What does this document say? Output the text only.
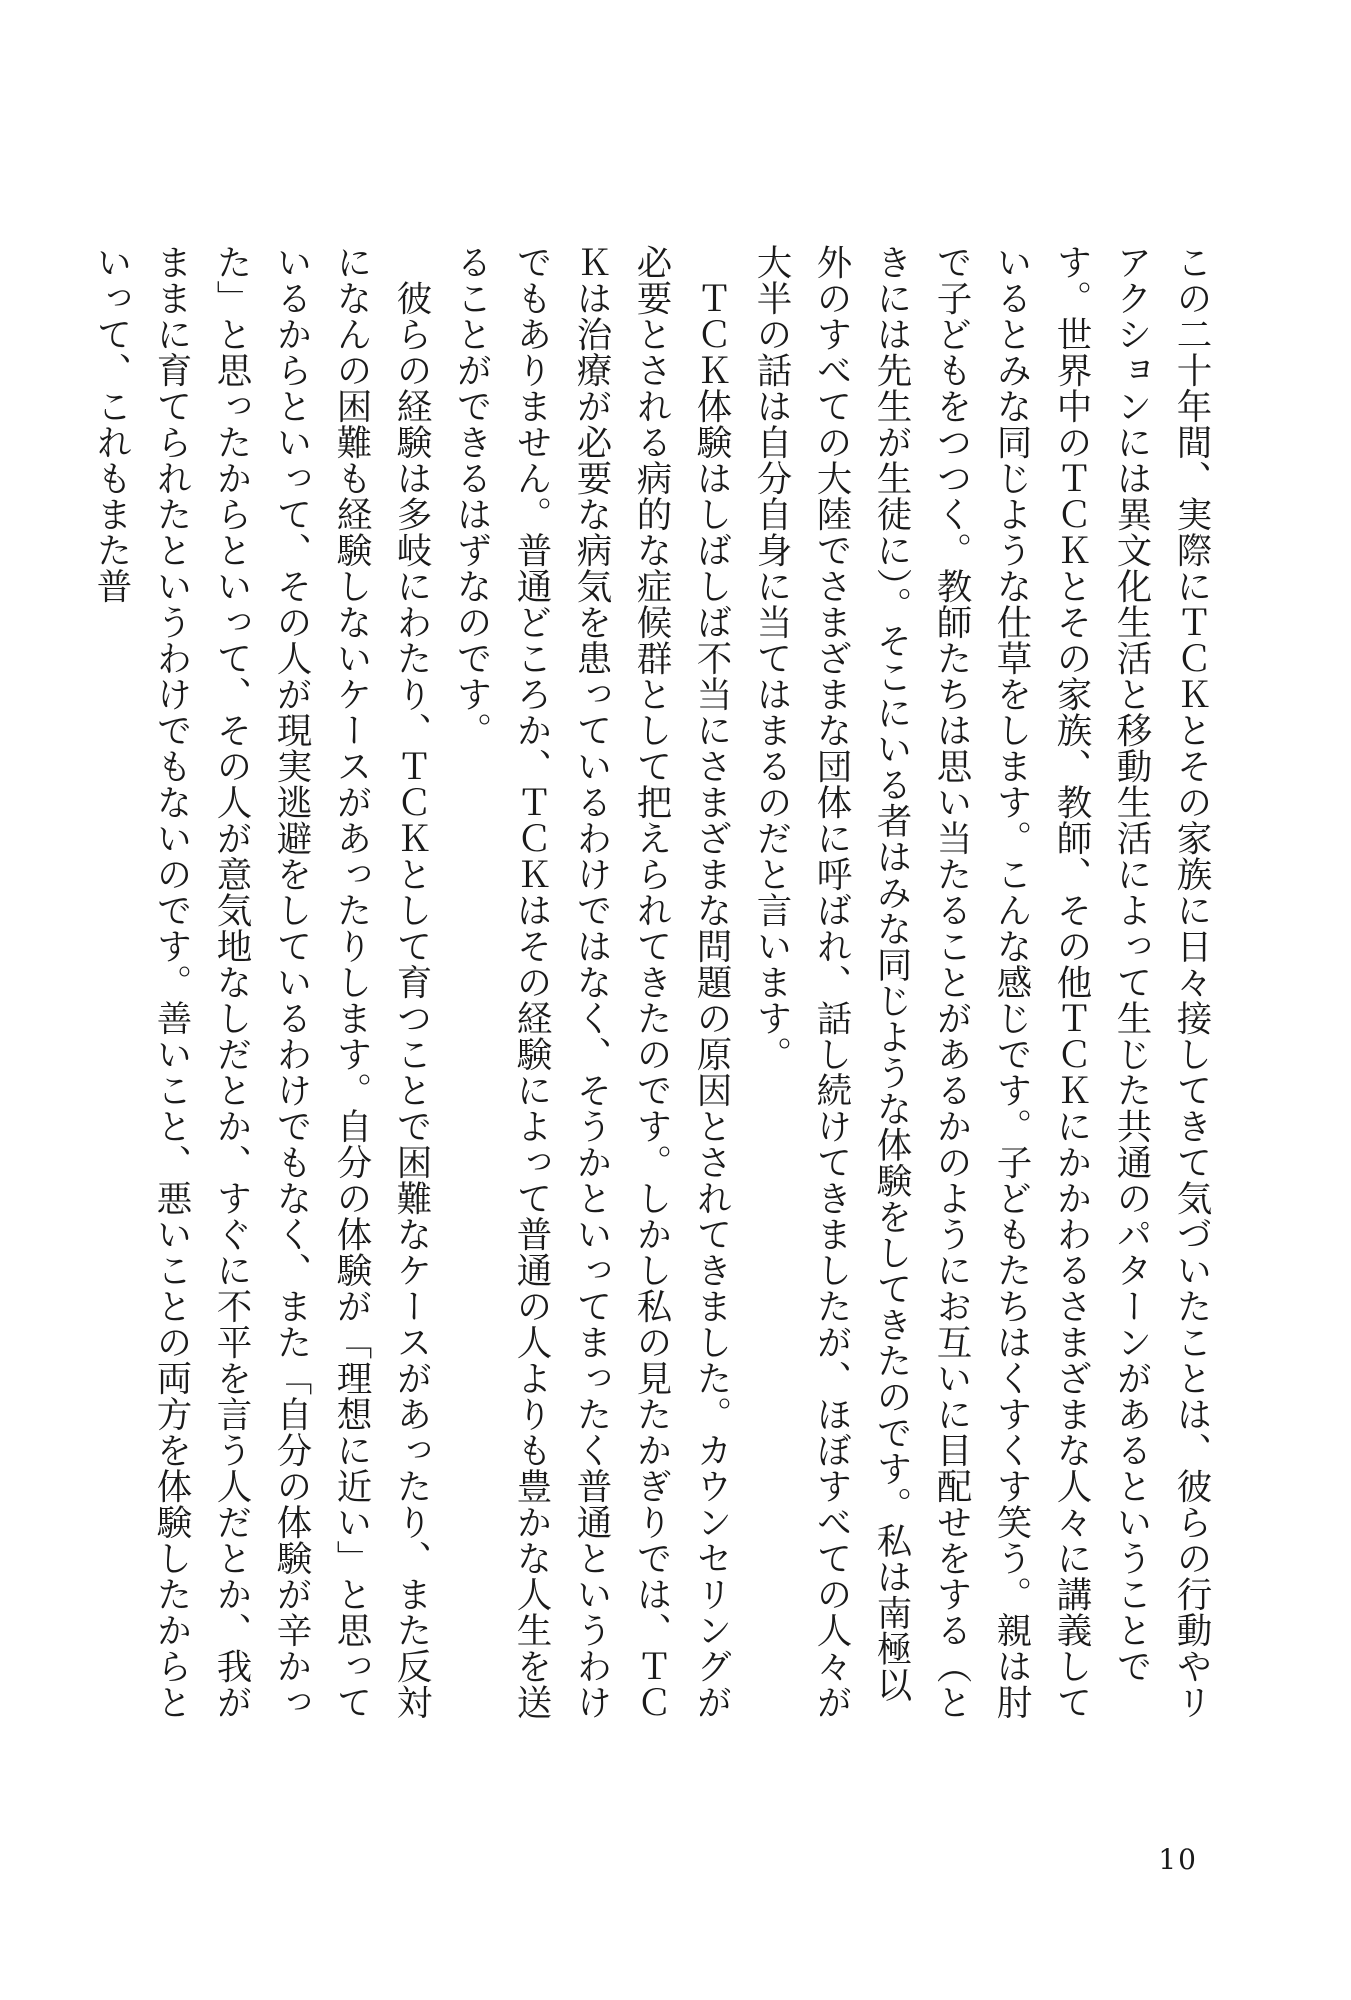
この二十年間、実際にＴＣＫとその家族に日々接してきて気づいたことは、彼らの行動やリアクションには異文化生活と移動生活によって生じた共通のパターンがあるということです。世界中のＴＣＫとその家族、教師、その他ＴＣＫにかかわるさまざまな人々に講義しているとみな同じような仕草をします。こんな感じです。子どもたちはくすくす笑う。親は肘で子どもをつつく。教師たちは思い当たることがあるかのようにお互いに目配せをする（ときには先生が生徒に）。そこにいる者はみな同じような体験をしてきたのです。私は南極以外のすべての大陸でさまざまな団体に呼ばれ、話し続けてきましたが、ほぼすべての人々が大半の話は自分自身に当てはまるのだと言います。

ＴＣＫ体験はしばしば不当にさまざまな問題の原因とされてきました。カウンセリングが必要とされる病的な症候群として把えられてきたのです。しかし私の見たかぎりでは、ＴＣＫは治療が必要な病気を患っているわけではなく、そうかといってまったく普通というわけでもありません。普通どころか、ＴＣＫはその経験によって普通の人よりも豊かな人生を送ることができるはずなのです。

彼らの経験は多岐にわたり、ＴＣＫとして育つことで困難なケースがあったり、また反対になんの困難も経験しないケースがあったりします。自分の体験が「理想に近い」と思っているからといって、その人が現実逃避をしているわけでもなく、また「自分の体験が辛かった」と思ったからといって、その人が意気地なしだとか、すぐに不平を言う人だとか、我がままに育てられたというわけでもないのです。善いこと、悪いことの両方を体験したからといって、これもまた普

10
